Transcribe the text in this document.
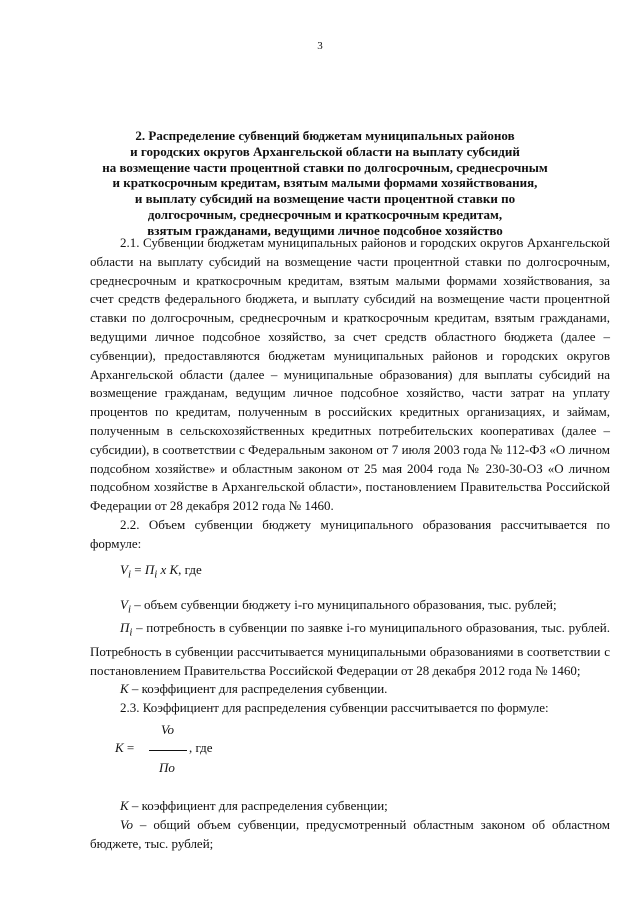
3
2. Распределение субвенций бюджетам муниципальных районов
и городских округов Архангельской области на выплату субсидий
на возмещение части процентной ставки по долгосрочным, среднесрочным
и краткосрочным кредитам, взятым малыми формами хозяйствования,
и выплату субсидий на возмещение части процентной ставки по
долгосрочным, среднесрочным и краткосрочным кредитам,
взятым гражданами, ведущими личное подсобное хозяйство

2.1. Субвенции бюджетам муниципальных районов и городских округов Архангельской области на выплату субсидий на возмещение части процентной ставки по долгосрочным, среднесрочным и краткосрочным кредитам, взятым малыми формами хозяйствования, за счет средств федерального бюджета, и выплату субсидий на возмещение части процентной ставки по долгосрочным, среднесрочным и краткосрочным кредитам, взятым гражданами, ведущими личное подсобное хозяйство, за счет средств областного бюджета (далее – субвенции), предоставляются бюджетам муниципальных районов и городских округов Архангельской области (далее – муниципальные образования) для выплаты субсидий на возмещение гражданам, ведущим личное подсобное хозяйство, части затрат на уплату процентов по кредитам, полученным в российских кредитных организациях, и займам, полученным в сельскохозяйственных кредитных потребительских кооперативах (далее – субсидии), в соответствии с Федеральным законом от 7 июля 2003 года № 112-ФЗ «О личном подсобном хозяйстве» и областным законом от 25 мая 2004 года № 230-30-ОЗ «О личном подсобном хозяйстве в Архангельской области», постановлением Правительства Российской Федерации от 28 декабря 2012 года № 1460.

2.2. Объем субвенции бюджету муниципального образования рассчитывается по формуле:

$V_i = П_i$ x К, где

$V_i$ – объем субвенции бюджету i-го муниципального образования, тыс. рублей;

$П_i$ – потребность в субвенции по заявке i-го муниципального образования, тыс. рублей. Потребность в субвенции рассчитывается муниципальными образованиями в соответствии с постановлением Правительства Российской Федерации от 28 декабря 2012 года № 1460;

К – коэффициент для распределения субвенции.

2.3. Коэффициент для распределения субвенции рассчитывается по формуле:

Vo
К =	, где
По

К – коэффициент для распределения субвенции;

Vo – общий объем субвенции, предусмотренный областным законом об областном бюджете, тыс. рублей;
